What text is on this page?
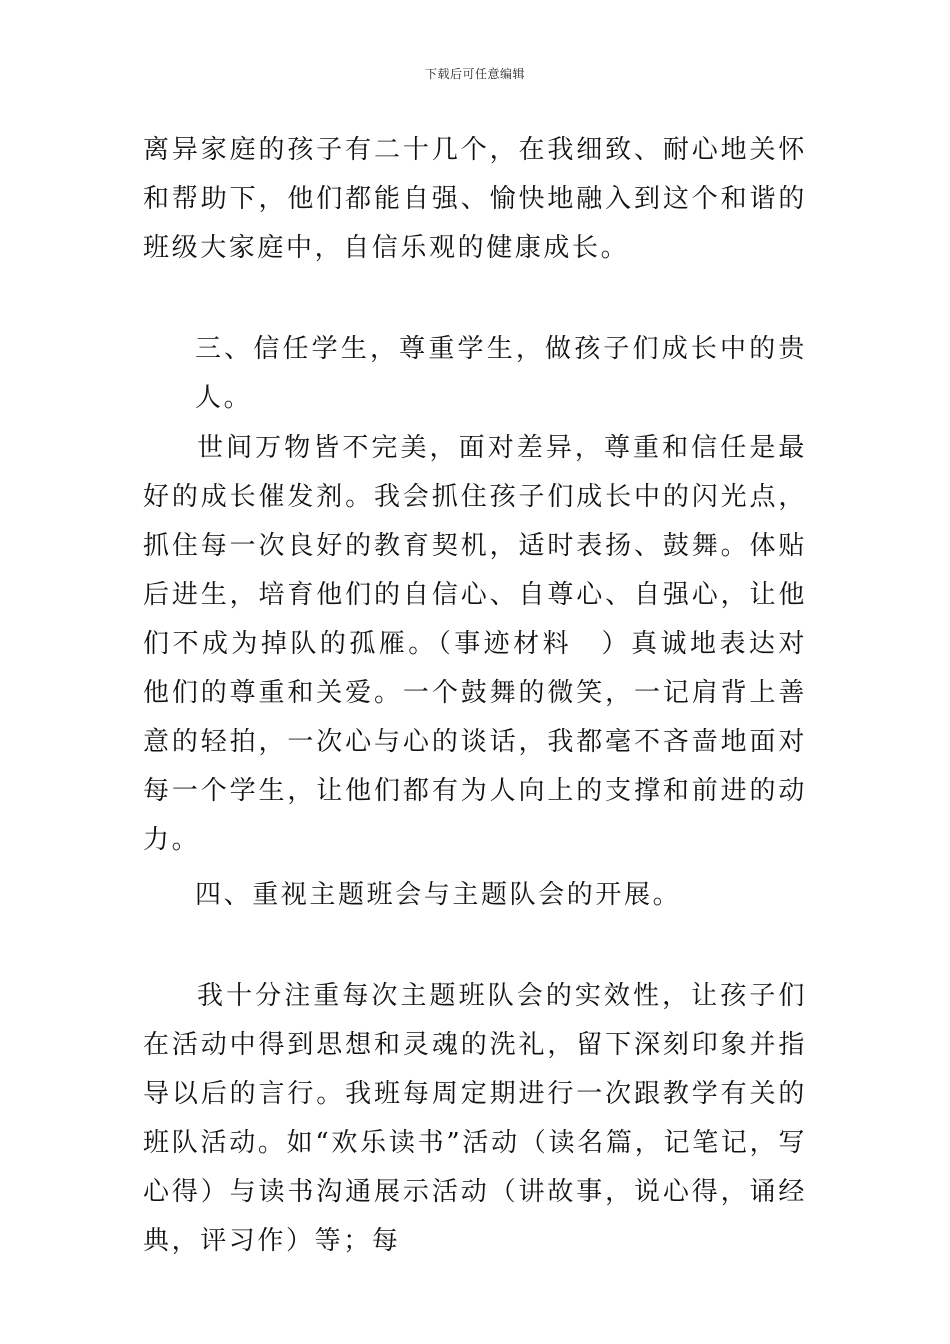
下载后可任意编辑

离异家庭的孩子有二十几个，在我细致、耐心地关怀和帮助下，他们都能自强、愉快地融入到这个和谐的班级大家庭中，自信乐观的健康成长。

三、信任学生，尊重学生，做孩子们成长中的贵人。

世间万物皆不完美，面对差异，尊重和信任是最好的成长催发剂。我会抓住孩子们成长中的闪光点，抓住每一次良好的教育契机，适时表扬、鼓舞。体贴后进生，培育他们的自信心、自尊心、自强心，让他们不成为掉队的孤雁。（事迹材料　）真诚地表达对他们的尊重和关爱。一个鼓舞的微笑，一记肩背上善意的轻拍，一次心与心的谈话，我都毫不吝啬地面对每一个学生，让他们都有为人向上的支撑和前进的动力。

四、重视主题班会与主题队会的开展。

我十分注重每次主题班队会的实效性，让孩子们在活动中得到思想和灵魂的洗礼，留下深刻印象并指导以后的言行。我班每周定期进行一次跟教学有关的班队活动。如“欢乐读书”活动（读名篇，记笔记，写心得）与读书沟通展示活动（讲故事，说心得，诵经典，评习作）等；每
